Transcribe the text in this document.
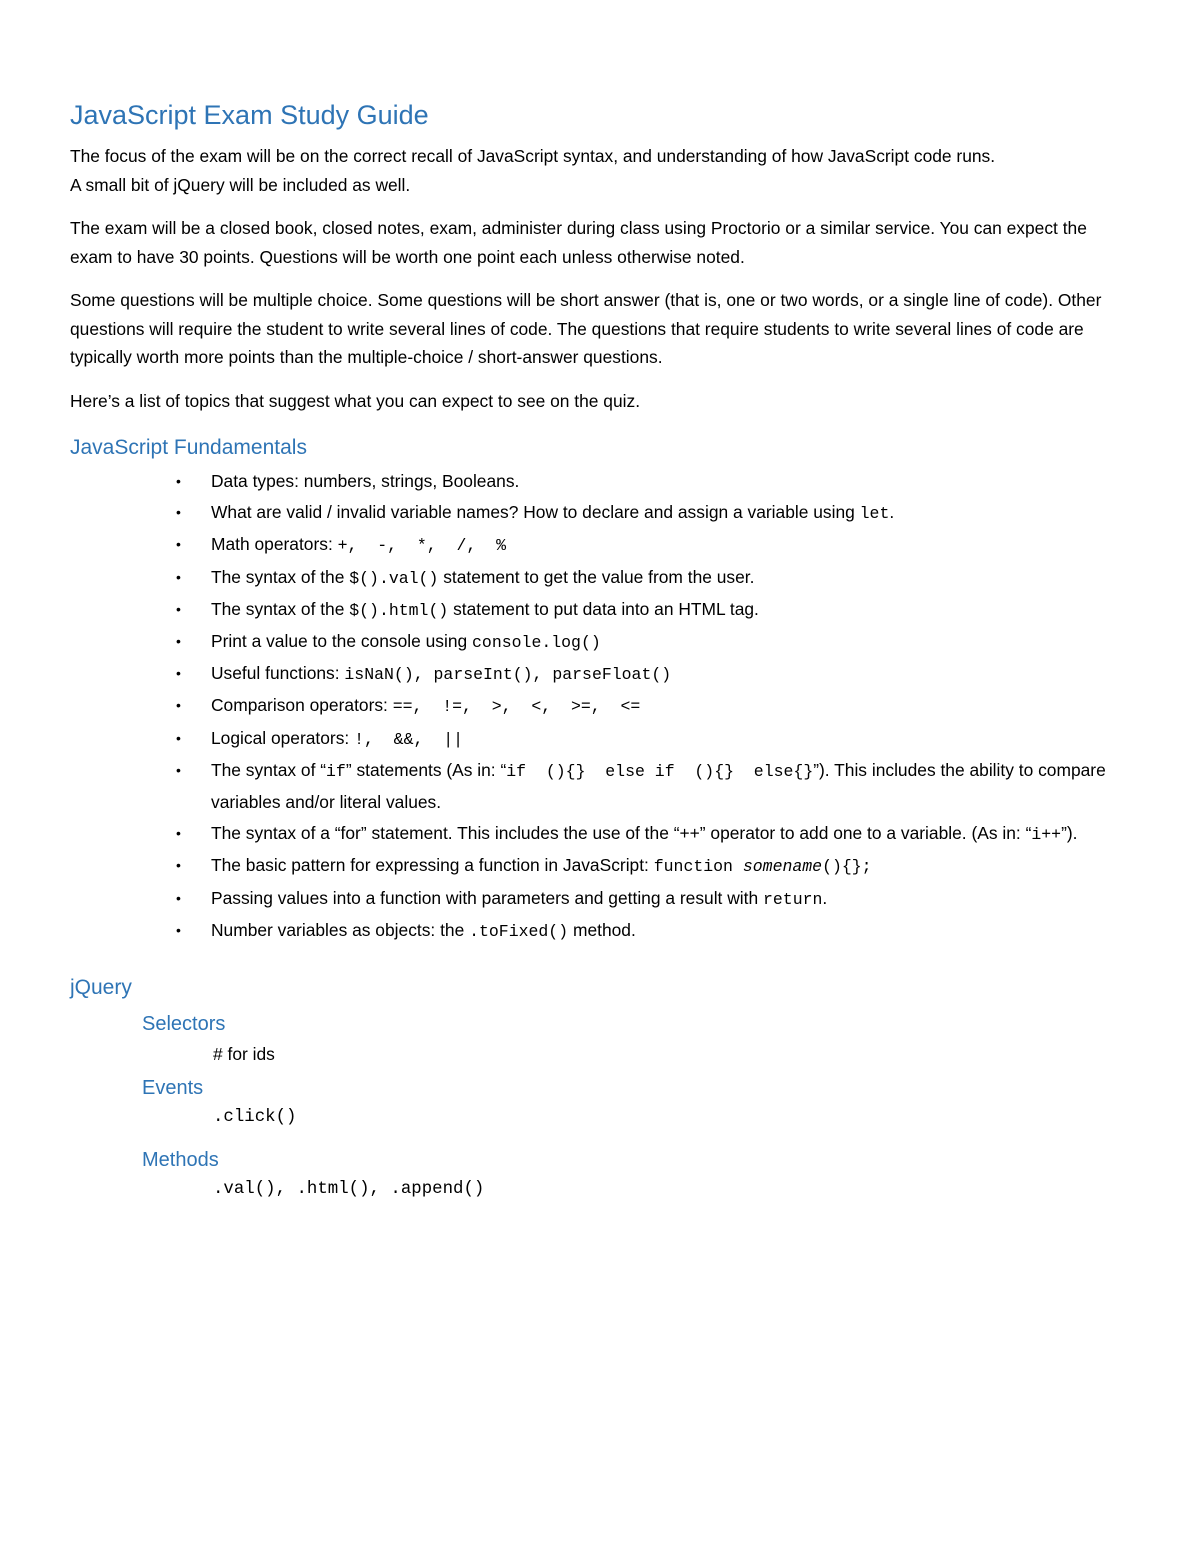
JavaScript Exam Study Guide

The focus of the exam will be on the correct recall of JavaScript syntax, and understanding of how JavaScript code runs.
A small bit of jQuery will be included as well.

The exam will be a closed book, closed notes, exam, administer during class using Proctorio or a similar service. You can expect the exam to have 30 points. Questions will be worth one point each unless otherwise noted.

Some questions will be multiple choice. Some questions will be short answer (that is, one or two words, or a single line of code). Other questions will require the student to write several lines of code. The questions that require students to write several lines of code are typically worth more points than the multiple-choice / short-answer questions.

Here’s a list of topics that suggest what you can expect to see on the quiz.

JavaScript Fundamentals
• Data types: numbers, strings, Booleans.
• What are valid / invalid variable names? How to declare and assign a variable using let.
• Math operators: +,  -,  *,  /,  %
• The syntax of the $().val() statement to get the value from the user.
• The syntax of the $().html() statement to put data into an HTML tag.
• Print a value to the console using console.log()
• Useful functions: isNaN(), parseInt(), parseFloat()
• Comparison operators: ==,  !=,  >,  <,  >=,  <=
• Logical operators: !,  &&,  ||
• The syntax of “if” statements (As in: “if  (){}  else if  (){}  else{}”). This includes the ability to compare variables and/or literal values.
• The syntax of a “for” statement. This includes the use of the “++” operator to add one to a variable. (As in: “i++”).
• The basic pattern for expressing a function in JavaScript: function somename(){};
• Passing values into a function with parameters and getting a result with return.
• Number variables as objects: the .toFixed() method.
jQuery
Selectors
# for ids
Events
.click()
Methods
.val(), .html(), .append()
